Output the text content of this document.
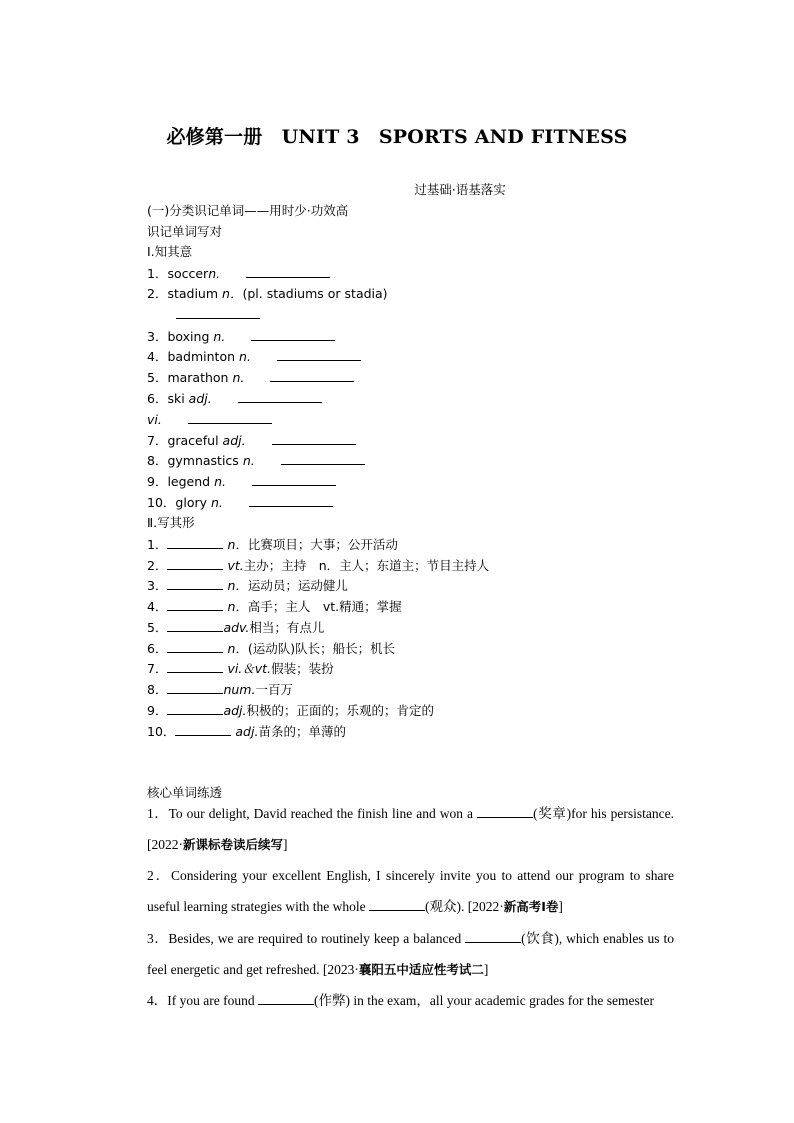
必修第一册　UNIT 3　SPORTS AND FITNESS
过基础·语基落实
(一)分类识记单词——用时少·功效高
识记单词写对
Ⅰ.知其意
1．soccern.
2．stadium n．(pl. stadiums or stadia)
3．boxing n.
4．badminton n.
5．marathon n.
6．ski adj.
vi.
7．graceful adj.
8．gymnastics n.
9．legend n.
10．glory n.
Ⅱ.写其形
1．	n．比赛项目；大事；公开活动
2．	vt.主办；主持　n．主人；东道主；节目主持人
3．	n．运动员；运动健儿
4．	n．高手；主人　vt.精通；掌握
5．	adv.相当；有点儿
6．	n．(运动队)队长；船长；机长
7．	vi.＆vt.假装；装扮
8．	num.一百万
9．	adj.积极的；正面的；乐观的；肯定的
10．	adj.苗条的；单薄的
核心单词练透
1．To our delight, David reached the finish line and won a	(奖章)for his persistance.[2022·新课标卷读后续写]
2．Considering your excellent English, I sincerely invite you to attend our program to share useful learning strategies with the whole	(观众). [2022·新高考Ⅰ卷]
3．Besides, we are required to routinely keep a balanced	(饮食), which enables us to feel energetic and get refreshed. [2023·襄阳五中适应性考试二]
4．If you are found	(作弊) in the exam，all your academic grades for the semester
